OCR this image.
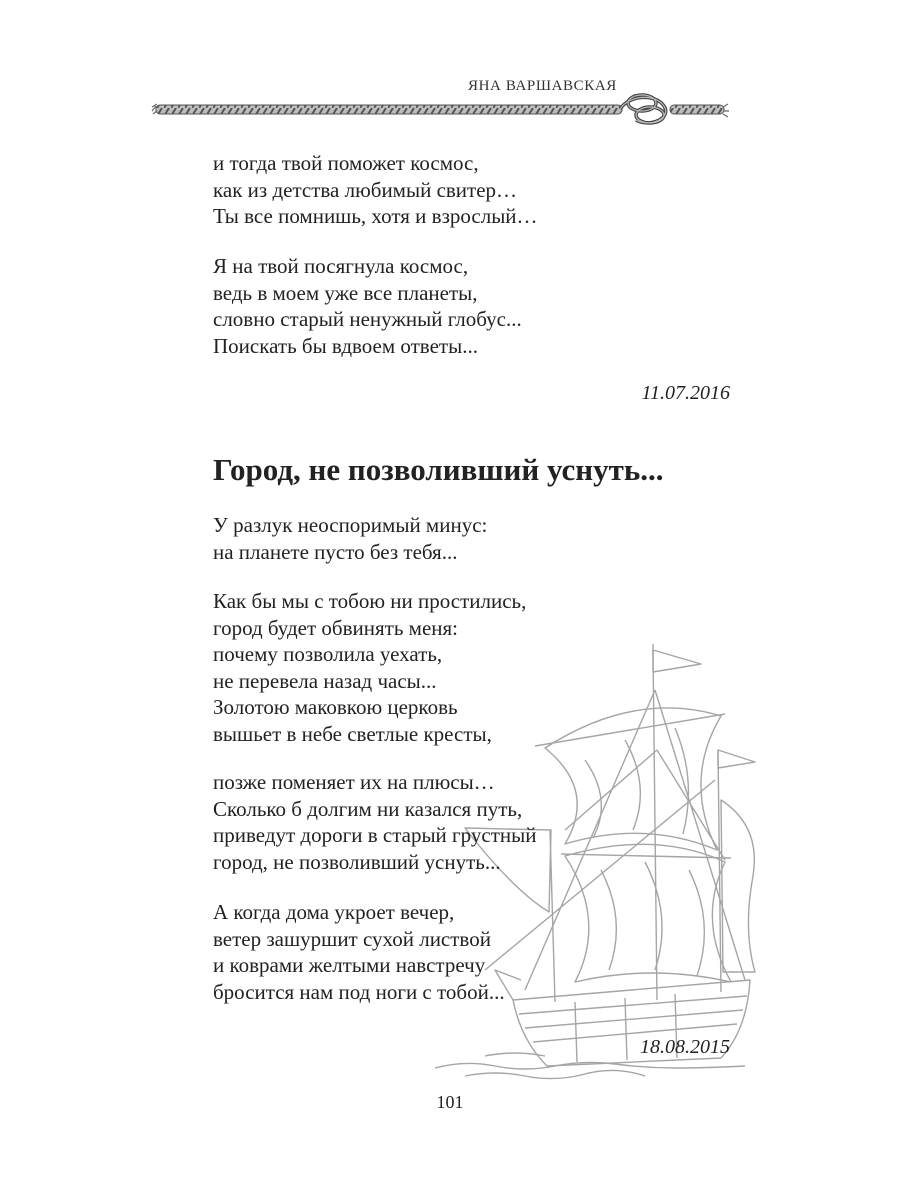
ЯНА ВАРШАВСКАЯ
и тогда твой поможет космос,
как из детства любимый свитер…
Ты все помнишь, хотя и взрослый…
Я на твой посягнула космос,
ведь в моем уже все планеты,
словно старый ненужный глобус...
Поискать бы вдвоем ответы...
11.07.2016
Город, не позволивший уснуть...
У разлук неоспоримый минус:
на планете пусто без тебя...
Как бы мы с тобою ни простились,
город будет обвинять меня:
почему позволила уехать,
не перевела назад часы...
Золотою маковкою церковь
вышьет в небе светлые кресты,
позже поменяет их на плюсы…
Сколько б долгим ни казался путь,
приведут дороги в старый грустный
город, не позволивший уснуть...
А когда дома укроет вечер,
ветер зашуршит сухой листвой
и коврами желтыми навстречу
бросится нам под ноги с тобой...
18.08.2015
101
